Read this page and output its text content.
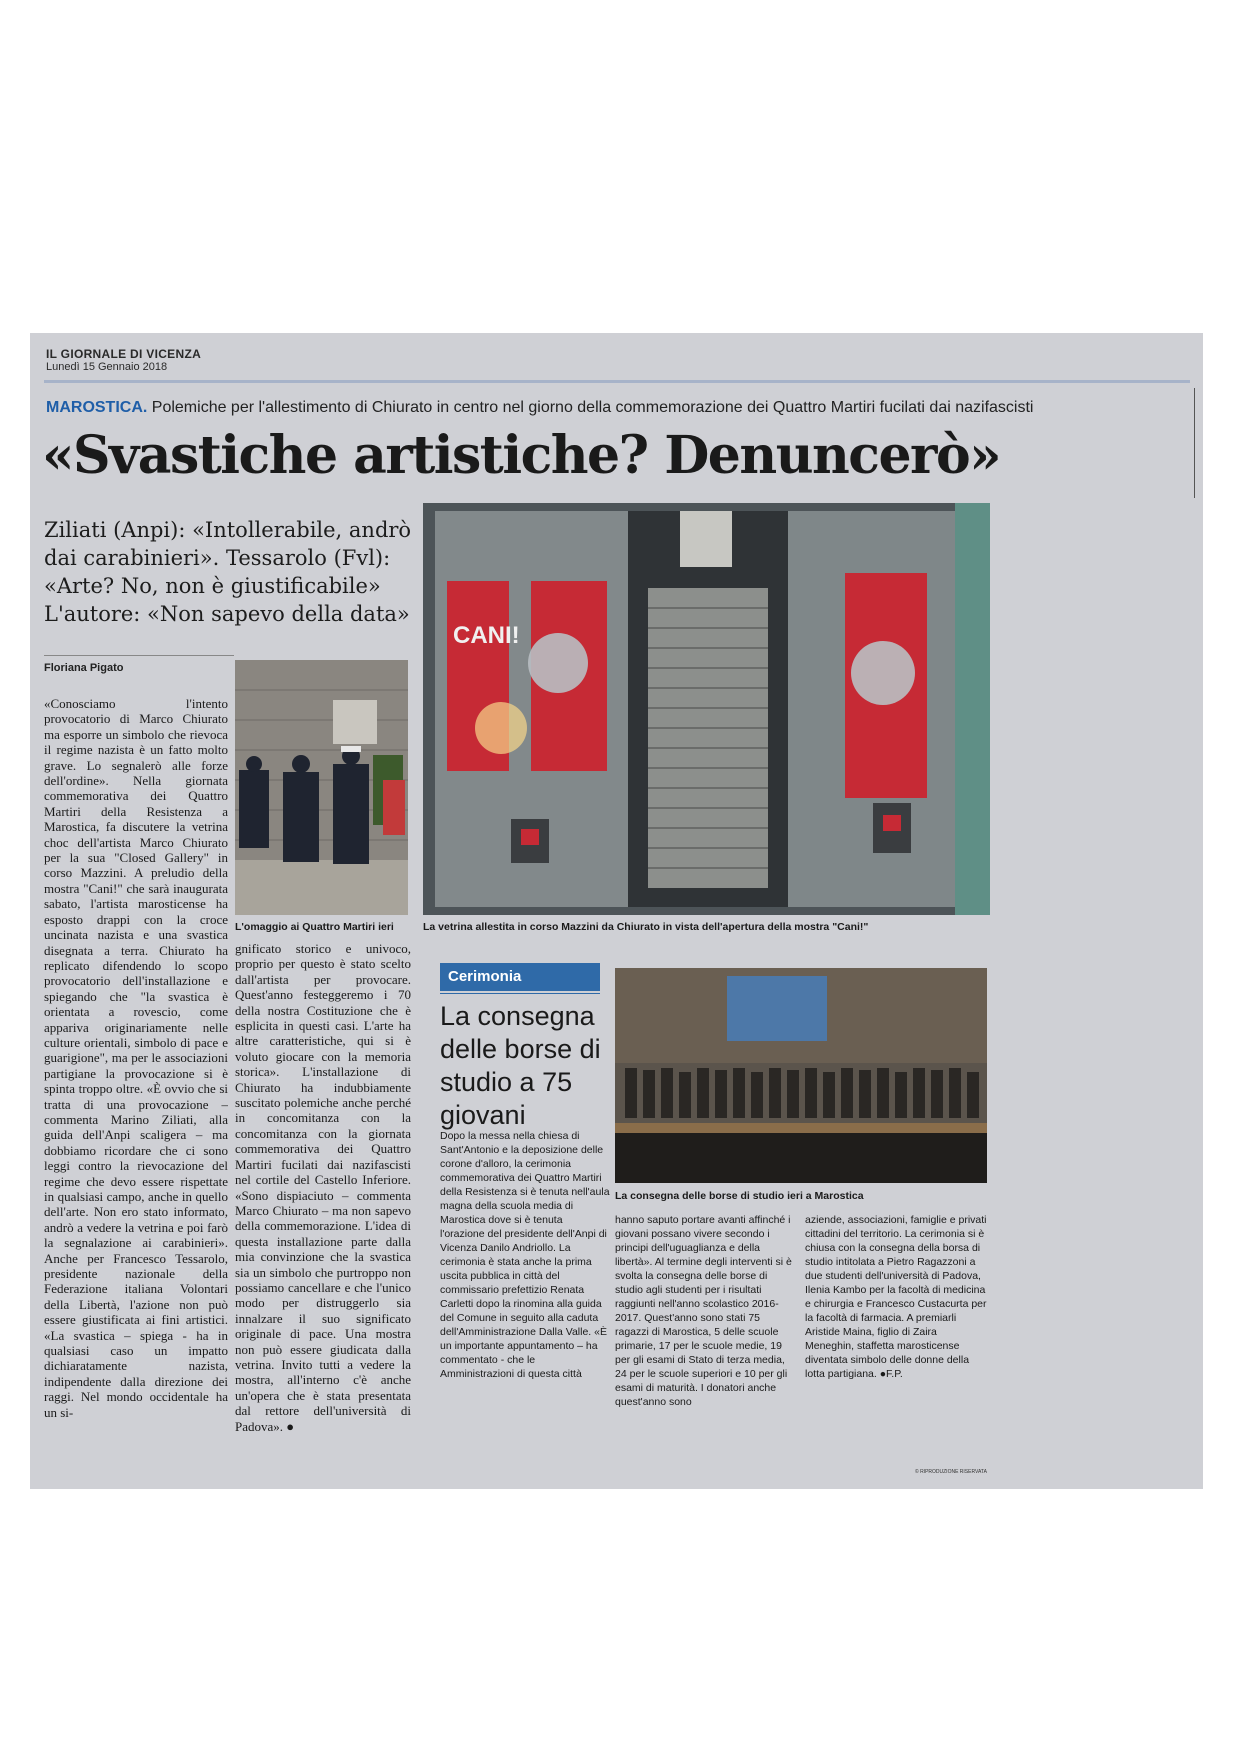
IL GIORNALE DI VICENZA
Lunedì 15 Gennaio 2018
MAROSTICA. Polemiche per l'allestimento di Chiurato in centro nel giorno della commemorazione dei Quattro Martiri fucilati dai nazifascisti
«Svastiche artistiche? Denuncerò»
Ziliati (Anpi): «Intollerabile, andrò dai carabinieri». Tessarolo (Fvl): «Arte? No, non è giustificabile» L'autore: «Non sapevo della data»
Floriana Pigato
CANI!
L'omaggio ai Quattro Martiri ieri	La vetrina allestita in corso Mazzini da Chiurato in vista dell'apertura della mostra "Cani!"
«Conosciamo l'intento provocatorio di Marco Chiurato ma esporre un simbolo che rievoca il regime nazista è un fatto molto grave. Lo segnalerò alle forze dell'ordine». Nella giornata commemorativa dei Quattro Martiri della Resistenza a Marostica, fa discutere la vetrina choc dell'artista Marco Chiurato per la sua "Closed Gallery" in corso Mazzini. A preludio della mostra "Cani!" che sarà inaugurata sabato, l'artista marosticense ha esposto drappi con la croce uncinata nazista e una svastica disegnata a terra. Chiurato ha replicato difendendo lo scopo provocatorio dell'installazione e spiegando che "la svastica è orientata a rovescio, come appariva originariamente nelle culture orientali, simbolo di pace e guarigione", ma per le associazioni partigiane la provocazione si è spinta troppo oltre. «È ovvio che si tratta di una provocazione – commenta Marino Ziliati, alla guida dell'Anpi scaligera – ma dobbiamo ricordare che ci sono leggi contro la rievocazione del regime che devo essere rispettate in qualsiasi campo, anche in quello dell'arte. Non ero stato informato, andrò a vedere la vetrina e poi farò la segnalazione ai carabinieri». Anche per Francesco Tessarolo, presidente nazionale della Federazione italiana Volontari della Libertà, l'azione non può essere giustificata ai fini artistici. «La svastica – spiega - ha in qualsiasi caso un impatto dichiaratamente nazista, indipendente dalla direzione dei raggi. Nel mondo occidentale ha un si-
gnificato storico e univoco, proprio per questo è stato scelto dall'artista per provocare. Quest'anno festeggeremo i 70 della nostra Costituzione che è esplicita in questi casi. L'arte ha altre caratteristiche, qui si è voluto giocare con la memoria storica». L'installazione di Chiurato ha indubbiamente suscitato polemiche anche perché in concomitanza con la concomitanza con la giornata commemorativa dei Quattro Martiri fucilati dai nazifascisti nel cortile del Castello Inferiore. «Sono dispiaciuto – commenta Marco Chiurato – ma non sapevo della commemorazione. L'idea di questa installazione parte dalla mia convinzione che la svastica sia un simbolo che purtroppo non possiamo cancellare e che l'unico modo per distruggerlo sia innalzare il suo significato originale di pace. Una mostra non può essere giudicata dalla vetrina. Invito tutti a vedere la mostra, all'interno c'è anche un'opera che è stata presentata dal rettore dell'università di Padova». ●
Cerimonia
La consegna delle borse di studio a 75 giovani
La consegna delle borse di studio ieri a Marostica
Dopo la messa nella chiesa di Sant'Antonio e la deposizione delle corone d'alloro, la cerimonia commemorativa dei Quattro Martiri della Resistenza si è tenuta nell'aula magna della scuola media di Marostica dove si è tenuta l'orazione del presidente dell'Anpi di Vicenza Danilo Andriollo. La cerimonia è stata anche la prima uscita pubblica in città del commissario prefettizio Renata Carletti dopo la rinomina alla guida del Comune in seguito alla caduta dell'Amministrazione Dalla Valle. «È un importante appuntamento – ha commentato - che le Amministrazioni di questa città
hanno saputo portare avanti affinché i giovani possano vivere secondo i principi dell'uguaglianza e della libertà». Al termine degli interventi si è svolta la consegna delle borse di studio agli studenti per i risultati raggiunti nell'anno scolastico 2016-2017. Quest'anno sono stati 75 ragazzi di Marostica, 5 delle scuole primarie, 17 per le scuole medie, 19 per gli esami di Stato di terza media, 24 per le scuole superiori e 10 per gli esami di maturità. I donatori anche quest'anno sono
aziende, associazioni, famiglie e privati cittadini del territorio. La cerimonia si è chiusa con la consegna della borsa di studio intitolata a Pietro Ragazzoni a due studenti dell'università di Padova, Ilenia Kambo per la facoltà di medicina e chirurgia e Francesco Custacurta per la facoltà di farmacia. A premiarli Aristide Maina, figlio di Zaira Meneghin, staffetta marosticense diventata simbolo delle donne della lotta partigiana. ●F.P.
© RIPRODUZIONE RISERVATA
